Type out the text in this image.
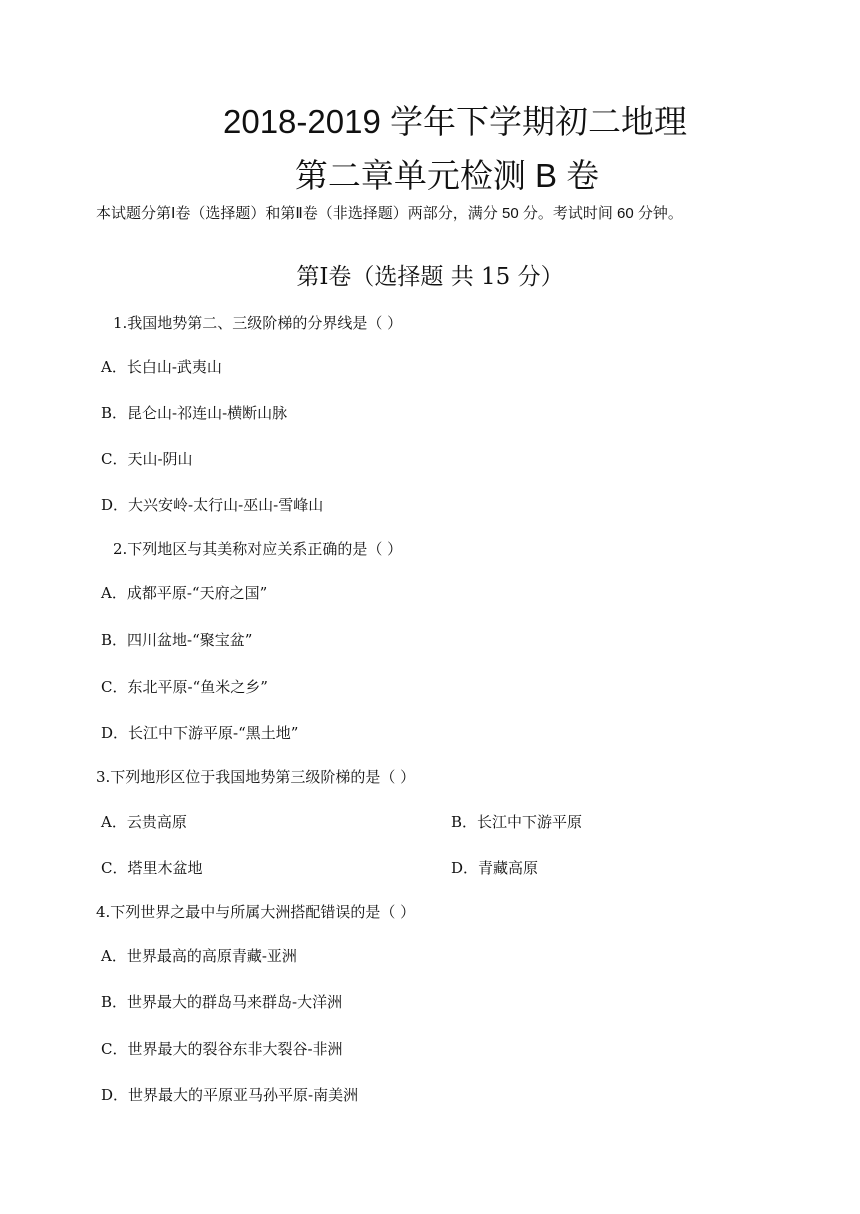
2018-2019 学年下学期初二地理
第二章单元检测 B 卷
本试题分第Ⅰ卷（选择题）和第Ⅱ卷（非选择题）两部分，满分 50 分。考试时间 60 分钟。
第Ⅰ卷（选择题 共 15 分）
1.我国地势第二、三级阶梯的分界线是（ ）
A．长白山-武夷山
B．昆仑山-祁连山-横断山脉
C．天山-阴山
D．大兴安岭-太行山-巫山-雪峰山
2.下列地区与其美称对应关系正确的是（ ）
A．成都平原-“天府之国”
B．四川盆地-“聚宝盆”
C．东北平原-“鱼米之乡”
D．长江中下游平原-“黑土地”
3.下列地形区位于我国地势第三级阶梯的是（ ）
A．云贵高原	B．长江中下游平原
C．塔里木盆地	D．青藏高原
4.下列世界之最中与所属大洲搭配错误的是（ ）
A．世界最高的高原青藏-亚洲
B．世界最大的群岛马来群岛-大洋洲
C．世界最大的裂谷东非大裂谷-非洲
D．世界最大的平原亚马孙平原-南美洲
